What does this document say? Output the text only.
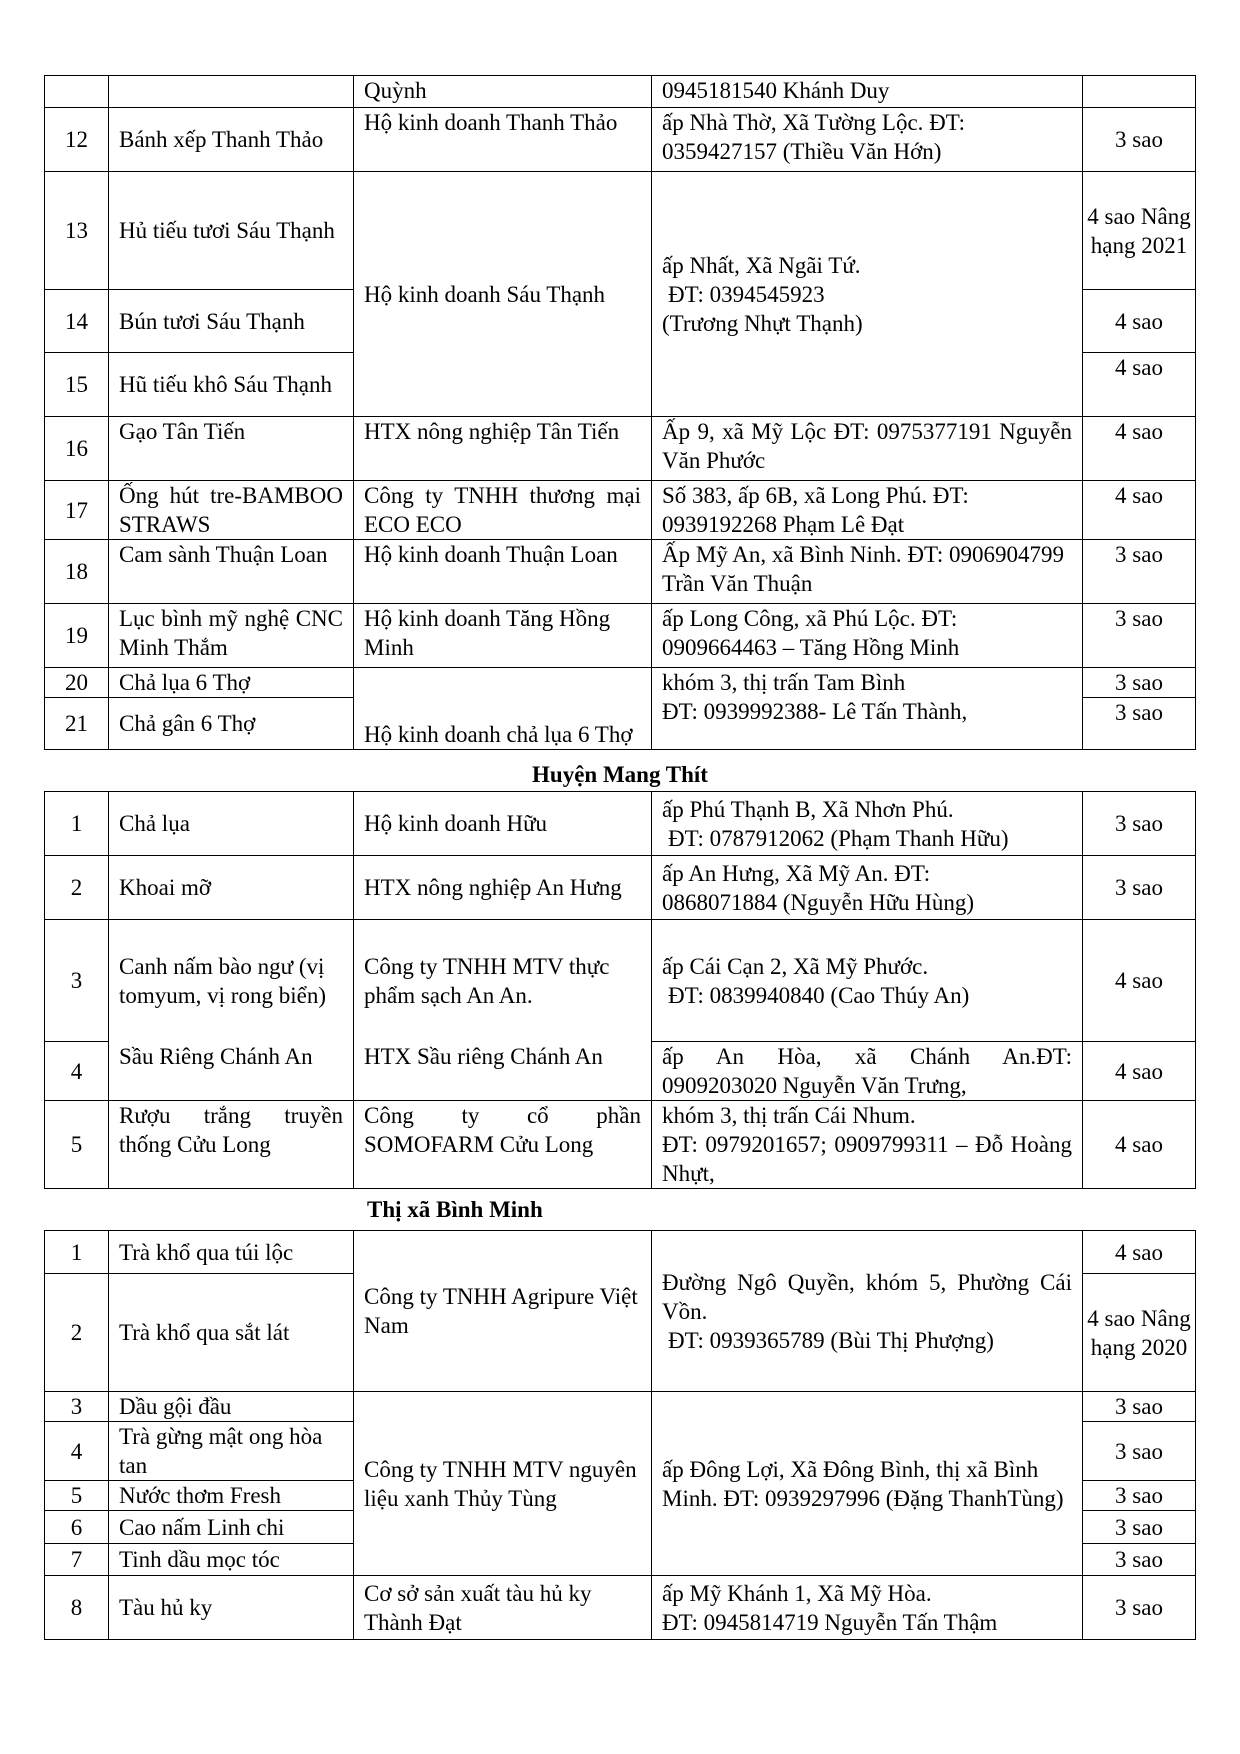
		Quỳnh	0945181540 Khánh Duy	
12	Bánh xếp Thanh Thảo	Hộ kinh doanh Thanh Thảo	ấp Nhà Thờ, Xã Tường Lộc. ĐT: 0359427157 (Thiều Văn Hớn)	3 sao
13	Hủ tiếu tươi Sáu Thạnh	Hộ kinh doanh Sáu Thạnh	ấp Nhất, Xã Ngãi Tứ.
ĐT: 0394545923
(Trương Nhựt Thạnh)	4 sao Nâng hạng 2021
14	Bún tươi Sáu Thạnh			4 sao
15	Hũ tiếu khô Sáu Thạnh			4 sao
16	Gạo Tân Tiến	HTX nông nghiệp Tân Tiến	Ấp 9, xã Mỹ Lộc ĐT: 0975377191 Nguyễn Văn Phước	4 sao
17	Ống hút tre-BAMBOO STRAWS	Công ty TNHH thương mại ECO ECO	Số 383, ấp 6B, xã Long Phú. ĐT: 0939192268 Phạm Lê Đạt	4 sao
18	Cam sành Thuận Loan	Hộ kinh doanh Thuận Loan	Ấp Mỹ An, xã Bình Ninh. ĐT: 0906904799 Trần Văn Thuận	3 sao
19	Lục bình mỹ nghệ CNC Minh Thắm	Hộ kinh doanh Tăng Hồng Minh	ấp Long Công, xã Phú Lộc. ĐT: 0909664463 – Tăng Hồng Minh	3 sao
20	Chả lụa 6 Thợ	Hộ kinh doanh chả lụa 6 Thợ	khóm 3, thị trấn Tam Bình
ĐT: 0939992388- Lê Tấn Thành,	3 sao
21	Chả gân 6 Thợ			3 sao
Huyện Mang Thít
1	Chả lụa	Hộ kinh doanh Hữu	ấp Phú Thạnh B, Xã Nhơn Phú.
ĐT: 0787912062 (Phạm Thanh Hữu)	3 sao
2	Khoai mỡ	HTX nông nghiệp An Hưng	ấp An Hưng, Xã Mỹ An. ĐT:
0868071884 (Nguyễn Hữu Hùng)	3 sao
3	Canh nấm bào ngư (vị tomyum, vị rong biển)	Công ty TNHH MTV thực phẩm sạch An An.	ấp Cái Cạn 2, Xã Mỹ Phước.
ĐT: 0839940840 (Cao Thúy An)	4 sao
4	Sầu Riêng Chánh An	HTX Sầu riêng Chánh An	ấp An Hòa, xã Chánh An.ĐT:
0909203020 Nguyễn Văn Trưng,	4 sao
5	Rượu trắng truyền thống Cửu Long	Công ty cổ phần SOMOFARM Cửu Long	khóm 3, thị trấn Cái Nhum.
ĐT: 0979201657; 0909799311 – Đỗ Hoàng Nhựt,	4 sao
Thị xã Bình Minh
1	Trà khổ qua túi lộc	Công ty TNHH Agripure Việt Nam	Đường Ngô Quyền, khóm 5, Phường Cái Vồn.
ĐT: 0939365789 (Bùi Thị Phượng)	4 sao
2	Trà khổ qua sắt lát			4 sao Nâng hạng 2020
3	Dầu gội đầu	Công ty TNHH MTV nguyên liệu xanh Thủy Tùng	ấp Đông Lợi, Xã Đông Bình, thị xã Bình Minh. ĐT: 0939297996 (Đặng ThanhTùng)	3 sao
4	Trà gừng mật ong hòa tan			3 sao
5	Nước thơm Fresh			3 sao
6	Cao nấm Linh chi			3 sao
7	Tinh dầu mọc tóc			3 sao
8	Tàu hủ ky	Cơ sở sản xuất tàu hủ ky Thành Đạt	ấp Mỹ Khánh 1, Xã Mỹ Hòa.
ĐT: 0945814719 Nguyễn Tấn Thậm	3 sao
